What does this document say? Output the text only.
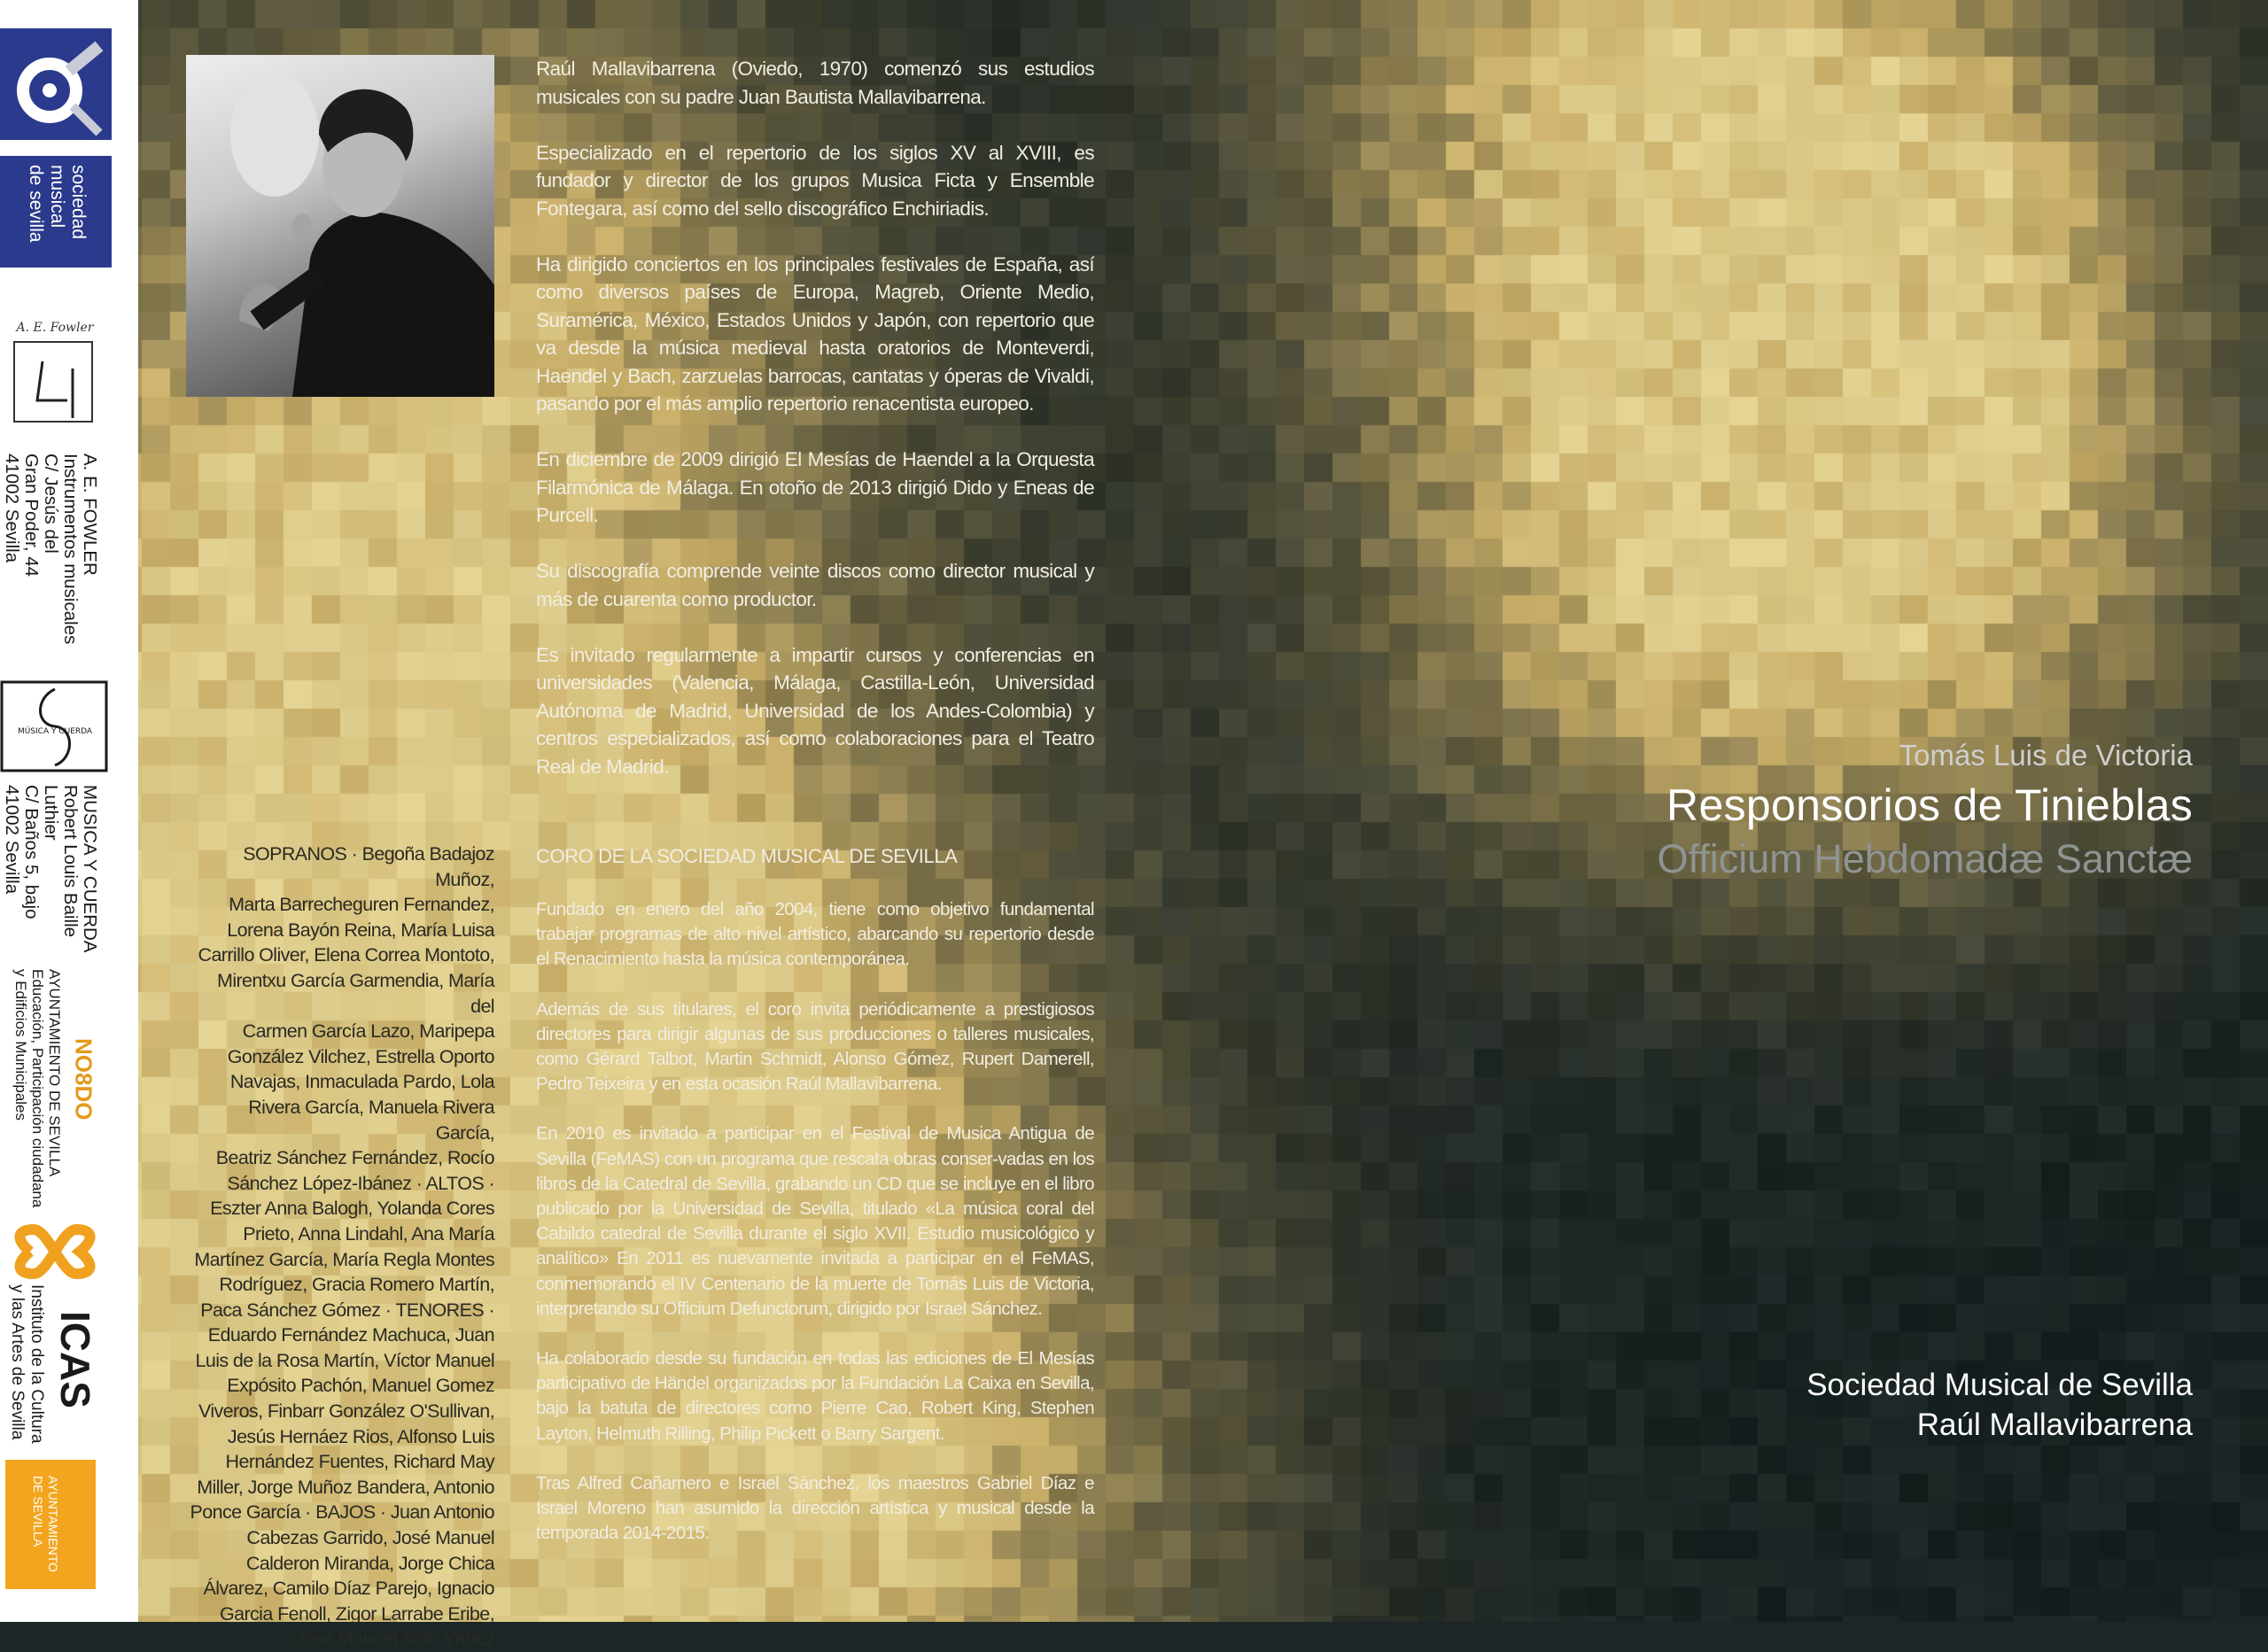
sociedad
musical
de sevilla
A. E. Fowler
A. E. FOWLER
Instrumentos musicales
C/ Jesús del
Gran Poder, 44
41002 Sevilla
MÚSICA Y CUERDA
MUSICA Y CUERDA
Robert Louis Baille
Luthier
C/ Baños 5, bajo
41002 Sevilla
NO8DO
AYUNTAMIENTO DE SEVILLA
Educación, Participación ciudadana
y Edificios Municipales
ICAS
Instituto de la Cultura
y las Artes de Sevilla
AYUNTAMIENTO
DE SEVILLA

Raúl Mallavibarrena (Oviedo, 1970) comenzó sus estudios musicales con su padre Juan Bautista Mallavibarrena.

Especializado en el repertorio de los siglos XV al XVIII, es fundador y director de los grupos Musica Ficta y Ensemble Fontegara, así como del sello discográfico Enchiriadis.

Ha dirigido conciertos en los principales festivales de España, así como diversos países de Europa, Magreb, Oriente Medio, Suramérica, México, Estados Unidos y Japón, con repertorio que va desde la música medieval hasta oratorios de Monteverdi, Haendel y Bach, zarzuelas barrocas, cantatas y óperas de Vivaldi, pasando por el más amplio repertorio renacentista europeo.

En diciembre de 2009 dirigió El Mesías de Haendel a la Orquesta Filarmónica de Málaga. En otoño de 2013 dirigió Dido y Eneas de Purcell.

Su discografía comprende veinte discos como director musical y más de cuarenta como productor.

Es invitado regularmente a impartir cursos y conferencias en universidades (Valencia, Málaga, Castilla-León, Universidad Autónoma de Madrid, Universidad de los Andes-Colombia) y centros especializados, así como colaboraciones para el Teatro Real de Madrid.

CORO DE LA SOCIEDAD MUSICAL DE SEVILLA

Fundado en enero del año 2004, tiene como objetivo fundamental trabajar programas de alto nivel artístico, abarcando su repertorio desde el Renacimiento hasta la música contemporánea.

Además de sus titulares, el coro invita periódicamente a prestigiosos directores para dirigir algunas de sus producciones o talleres musicales, como Gérard Talbot, Martin Schmidt, Alonso Gómez, Rupert Damerell, Pedro Teixeira y en esta ocasión Raúl Mallavibarrena.

En 2010 es invitado a participar en el Festival de Musica Antigua de Sevilla (FeMAS) con un programa que rescata obras conser-vadas en los libros de la Catedral de Sevilla, grabando un CD que se incluye en el libro publicado por la Universidad de Sevilla, titulado «La música coral del Cabildo catedral de Sevilla durante el siglo XVII. Estudio musicológico y analítico» En 2011 es nuevamente invitada a participar en el FeMAS, conmemorando el IV Centenario de la muerte de Tomás Luis de Victoria, interpretando su Officium Defunctorum, dirigido por Israel Sánchez.

Ha colaborado desde su fundación en todas las ediciones de El Mesías participativo de Händel organizados por la Fundación La Caixa en Sevilla, bajo la batuta de directores como Pierre Cao, Robert King, Stephen Layton, Helmuth Rilling, Philip Pickett o Barry Sargent.

Tras Alfred Cañamero e Israel Sánchez, los maestros Gabriel Díaz e Israel Moreno han asumido la dirección artística y musical desde la temporada 2014-2015.

SOPRANOS · Begoña Badajoz Muñoz,
Marta Barrecheguren Fernandez,
Lorena Bayón Reina, María Luisa
Carrillo Oliver, Elena Correa Montoto,
Mirentxu García Garmendia, María del
Carmen García Lazo, Maripepa
González Vilchez, Estrella Oporto
Navajas, Inmaculada Pardo, Lola
Rivera García, Manuela Rivera García,
Beatriz Sánchez Fernández, Rocío
Sánchez López-Ibánez · ALTOS ·
Eszter Anna Balogh, Yolanda Cores
Prieto, Anna Lindahl, Ana María
Martínez García, María Regla Montes
Rodríguez, Gracia Romero Martín,
Paca Sánchez Gómez · TENORES ·
Eduardo Fernández Machuca, Juan
Luis de la Rosa Martín, Víctor Manuel
Expósito Pachón, Manuel Gomez
Viveros, Finbarr González O'Sullivan,
Jesús Hernáez Rios, Alfonso Luis
Hernández Fuentes, Richard May
Miller, Jorge Muñoz Bandera, Antonio
Ponce García · BAJOS · Juan Antonio
Cabezas Garrido, José Manuel
Calderon Miranda, Jorge Chica
Álvarez, Camilo Díaz Parejo, Ignacio
Garcia Fenoll, Zigor Larrabe Eribe,
José Manuel Soto Yáñez
Tomás Luis de Victoria
Responsorios de Tinieblas
Officium Hebdomadæ Sanctæ
Sociedad Musical de Sevilla
Raúl Mallavibarrena
